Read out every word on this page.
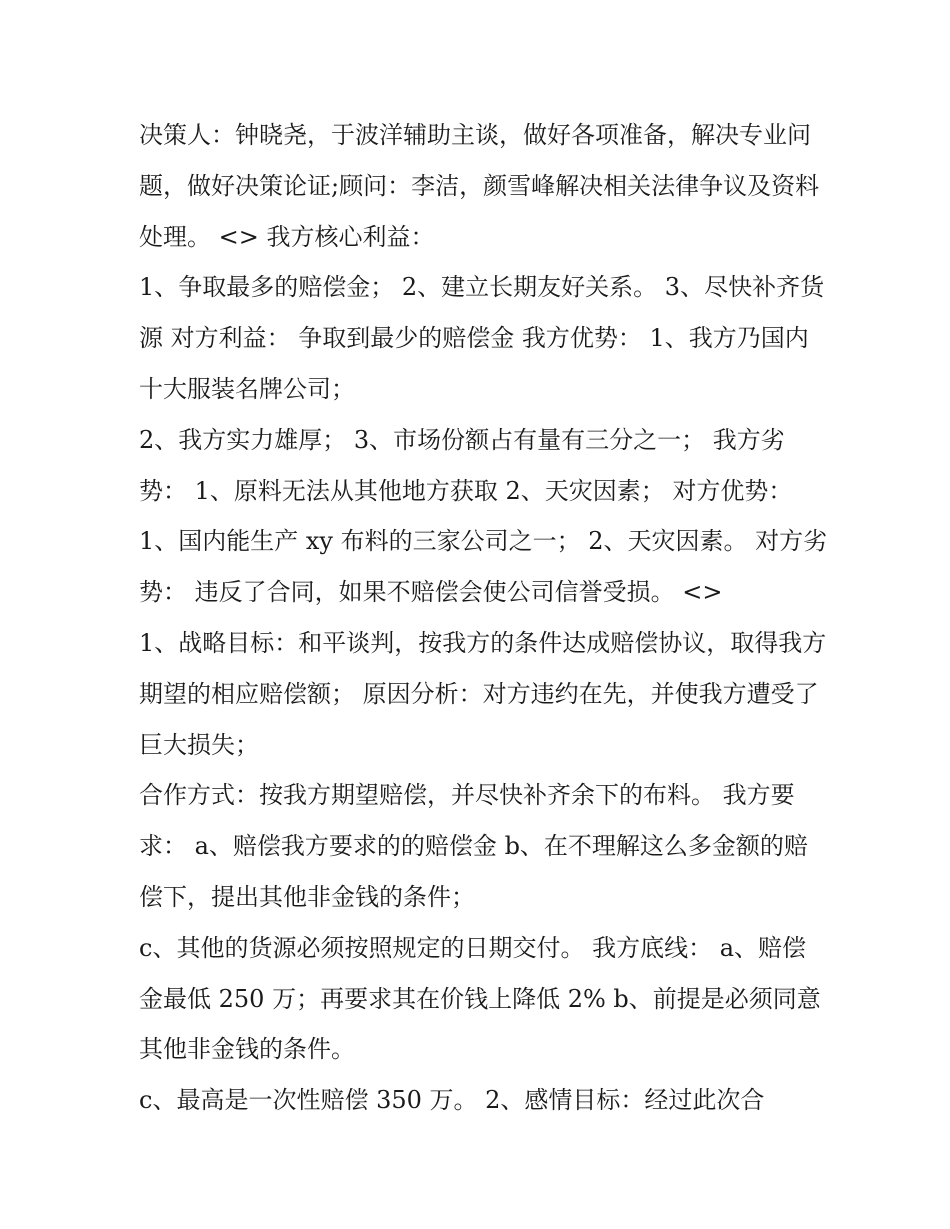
决策人：钟晓尧，于波洋辅助主谈，做好各项准备，解决专业问题，做好决策论证;顾问：李洁，颜雪峰解决相关法律争议及资料处理。 <> 我方核心利益：

1、争取最多的赔偿金； 2、建立长期友好关系。 3、尽快补齐货源 对方利益： 争取到最少的赔偿金 我方优势： 1、我方乃国内十大服装名牌公司；

2、我方实力雄厚； 3、市场份额占有量有三分之一； 我方劣势： 1、原料无法从其他地方获取 2、天灾因素； 对方优势：

1、国内能生产 xy 布料的三家公司之一； 2、天灾因素。 对方劣势： 违反了合同，如果不赔偿会使公司信誉受损。 <>

1、战略目标：和平谈判，按我方的条件达成赔偿协议，取得我方期望的相应赔偿额； 原因分析：对方违约在先，并使我方遭受了巨大损失；

合作方式：按我方期望赔偿，并尽快补齐余下的布料。 我方要求： a、赔偿我方要求的的赔偿金 b、在不理解这么多金额的赔偿下，提出其他非金钱的条件；

c、其他的货源必须按照规定的日期交付。 我方底线： a、赔偿金最低 250 万；再要求其在价钱上降低 2% b、前提是必须同意其他非金钱的条件。

c、最高是一次性赔偿 350 万。 2、感情目标：经过此次合
